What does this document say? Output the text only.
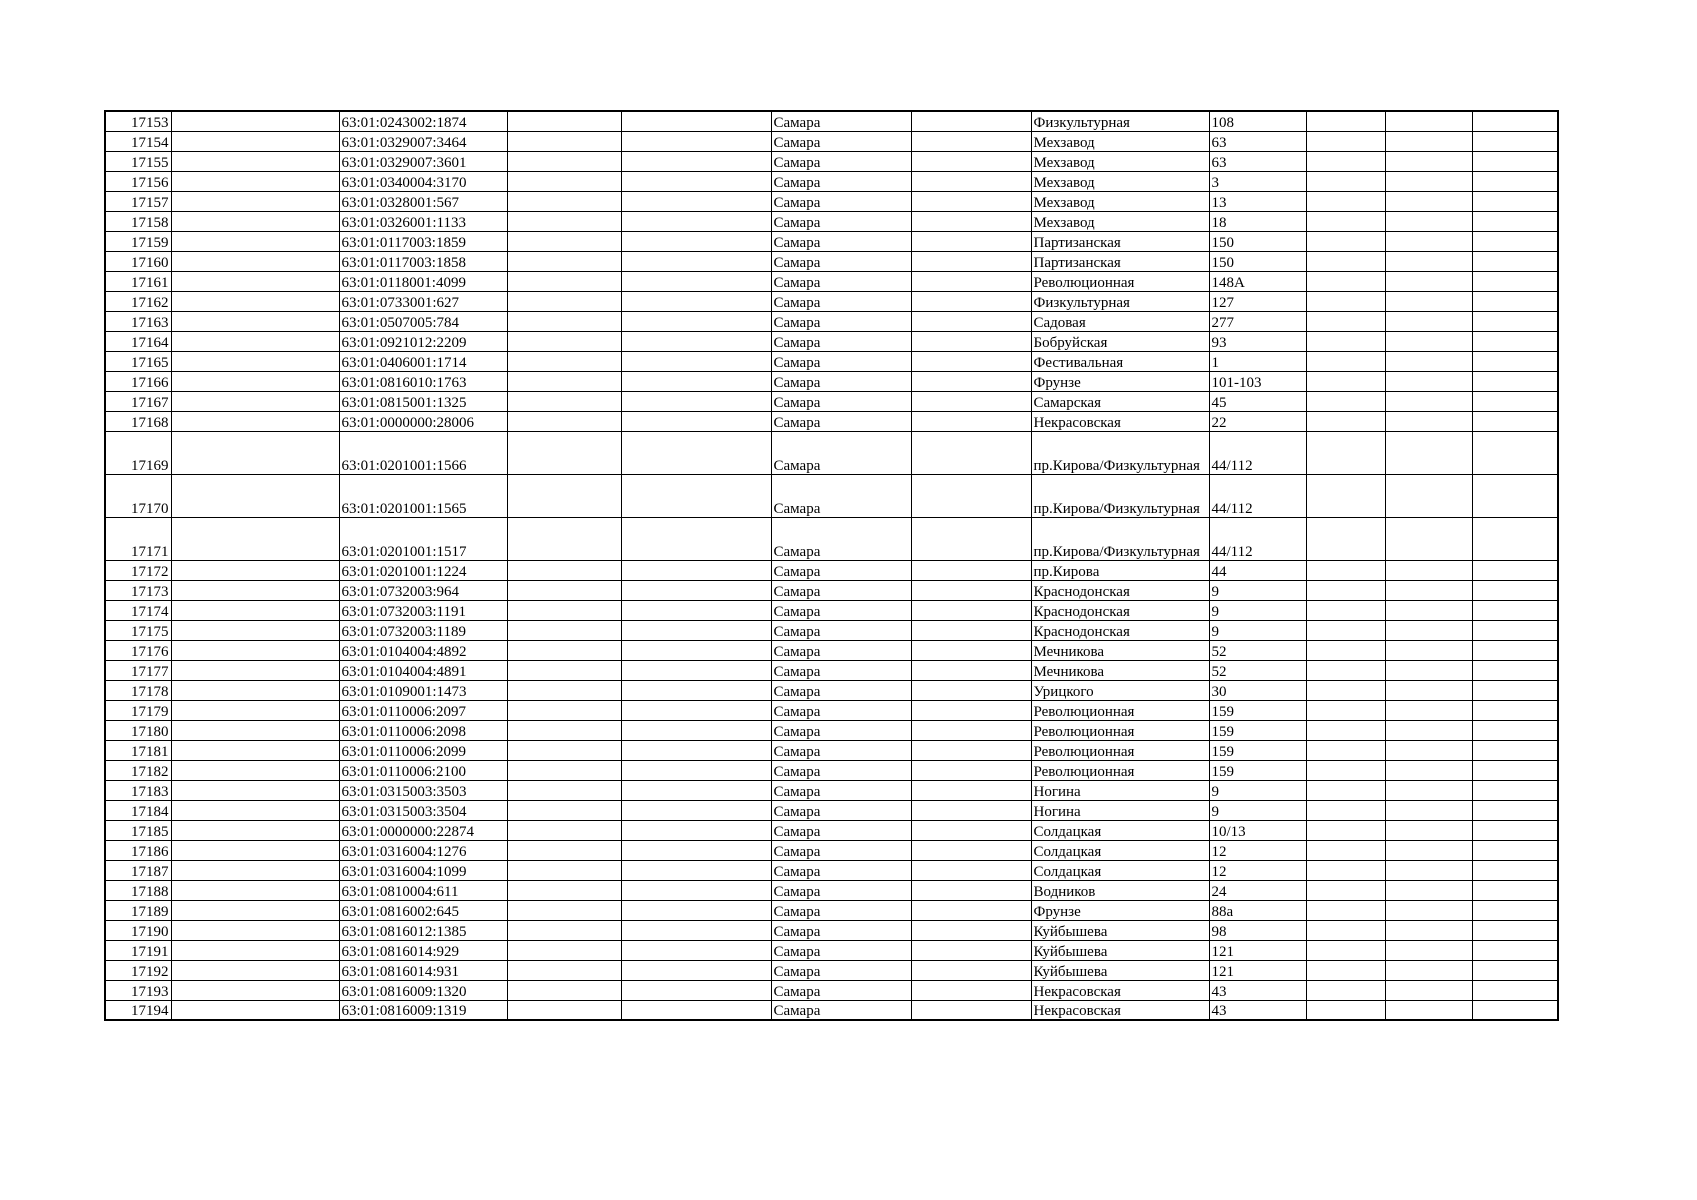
17153		63:01:0243002:1874			Самара		Физкультурная	108			
17154		63:01:0329007:3464			Самара		Мехзавод	63			
17155		63:01:0329007:3601			Самара		Мехзавод	63			
17156		63:01:0340004:3170			Самара		Мехзавод	3			
17157		63:01:0328001:567			Самара		Мехзавод	13			
17158		63:01:0326001:1133			Самара		Мехзавод	18			
17159		63:01:0117003:1859			Самара		Партизанская	150			
17160		63:01:0117003:1858			Самара		Партизанская	150			
17161		63:01:0118001:4099			Самара		Революционная	148А			
17162		63:01:0733001:627			Самара		Физкультурная	127			
17163		63:01:0507005:784			Самара		Садовая	277			
17164		63:01:0921012:2209			Самара		Бобруйская	93			
17165		63:01:0406001:1714			Самара		Фестивальная	1			
17166		63:01:0816010:1763			Самара		Фрунзе	101-103			
17167		63:01:0815001:1325			Самара		Самарская	45			
17168		63:01:0000000:28006			Самара		Некрасовская	22			
17169		63:01:0201001:1566			Самара		пр.Кирова/Физкультурная	44/112			
17170		63:01:0201001:1565			Самара		пр.Кирова/Физкультурная	44/112			
17171		63:01:0201001:1517			Самара		пр.Кирова/Физкультурная	44/112			
17172		63:01:0201001:1224			Самара		пр.Кирова	44			
17173		63:01:0732003:964			Самара		Краснодонская	9			
17174		63:01:0732003:1191			Самара		Краснодонская	9			
17175		63:01:0732003:1189			Самара		Краснодонская	9			
17176		63:01:0104004:4892			Самара		Мечникова	52			
17177		63:01:0104004:4891			Самара		Мечникова	52			
17178		63:01:0109001:1473			Самара		Урицкого	30			
17179		63:01:0110006:2097			Самара		Революционная	159			
17180		63:01:0110006:2098			Самара		Революционная	159			
17181		63:01:0110006:2099			Самара		Революционная	159			
17182		63:01:0110006:2100			Самара		Революционная	159			
17183		63:01:0315003:3503			Самара		Ногина	9			
17184		63:01:0315003:3504			Самара		Ногина	9			
17185		63:01:0000000:22874			Самара		Солдацкая	10/13			
17186		63:01:0316004:1276			Самара		Солдацкая	12			
17187		63:01:0316004:1099			Самара		Солдацкая	12			
17188		63:01:0810004:611			Самара		Водников	24			
17189		63:01:0816002:645			Самара		Фрунзе	88а			
17190		63:01:0816012:1385			Самара		Куйбышева	98			
17191		63:01:0816014:929			Самара		Куйбышева	121			
17192		63:01:0816014:931			Самара		Куйбышева	121			
17193		63:01:0816009:1320			Самара		Некрасовская	43			
17194		63:01:0816009:1319			Самара		Некрасовская	43			
